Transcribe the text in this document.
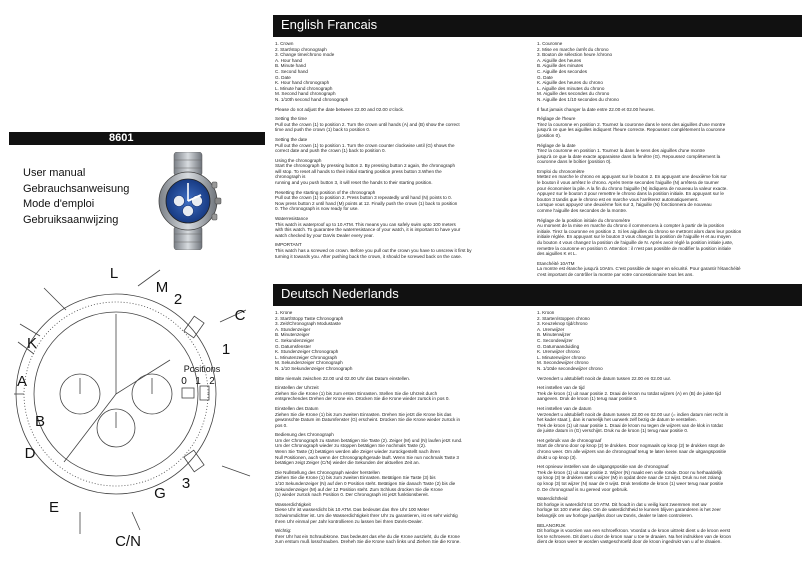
English Francais
8601
User manual
Gebrauchsanweisung
Mode d'emploi
Gebruiksaanwijzing
L
M
K
A
B
C
D
E
G
C/N
1
2
3
0 1 2
Positions
1. Crown
2. Start/stop chronograph
3. Change time/chrono mode
A. Hour hand
B. Minute hand
C. Second hand
G. Date
K. Hour hand chronograph
L. Minute hand chronograph
M. Second hand chronograph
N. 1/10th second hand chronograph
Please do not adjust the date between 22.00 and 02.00 o'clock.
Setting the time
Pull out the crown (1) to position 2. Turn the crown until hands (A) and (B) show the correct
time and push the crown (1) back to position 0.
Setting the date
Pull out the crown (1) to position 1. Turn the crown counter clockwise until (G) shows the
correct date and push the crown (1) back to position 0.
Using the chronograph
Start the chronograph by pressing button 2. By pressing button 2 again, the chronograph
will stop. To reset all hands to their initial starting position press button 3.When the
chronograph is
running and you push button 3, it will reset the hands to their starting position.
Resetting the starting position of the chronograph
Pull out the crown (1) to position 2. Press button 3 repeatedly until hand (N) points to 0.
Now press button 2 until hand (M) points at 12. Finally push the crown (1) back to position
0. The chronograph is now ready for use.
Waterresistance
This watch is waterproof up to 10 ATM. This means you can safely swim upto 100 meters
with this watch. To guarantee the waterresistance of your watch, it is important to have your
watch checked by your DaVis Dealer every year.
IMPORTANT
This watch has a screwed on crown. Before you pull out the crown you have to unscrew it first by
turning it towards you. After pushing back the crown, it should be screwed back on the case.
1. Couronne
2. Mise en marche /arrêt du chrono
3. Bouton de sélection heure /chrono
A. Aiguille des heures
B. Aiguille des minutes
C. Aiguille des secondes
G. Date
K. Aiguille des heures du chrono
L. Aiguille des minutes du chrono
M. Aiguille des secondes du chrono
N. Aiguille des 1/10 secondes du chrono
Il faut jamais changer la date entre 22.00 et 02.00 heures.
Réglage de l'heure
Tirez la couronne en position 2. Tournez la couronne dans le sens des aiguilles d'une montre
jusqu'à ce que les aiguilles indiquent l'heure correcte. Repoussez complètement la couronne
(position 0).
Réglage de la date
Tirez la couronne en position 1. Tournez la dans le sens des aiguilles d'une montre
jusqu'à ce que la date exacte apparaisse dans la fenêtre (G). Repoussez complètement la
couronne dans le boîtier (position 0).
Emploi du chronomètre
Mettez en marche le chrono en appuyant sur le bouton 2. En appuyant une deuxième fois sur
le bouton il vous arrêtez le chrono. Après trente secondes l'aiguille (N) arrêtera de tourner
pour économiser la pile. A la fin du chrono l'aiguille (N) indiquera de nouveau la valeur exacte.
Appuyez sur le bouton 3 pour remettre le chrono dans la position initiale. En appuyant sur le
bouton 3 tandis que le chrono est en marche vous l'arrêterez automatiquement.
Lorsque vous appuyez une deuxième fois sur 3, l'aiguille (N) fonctionnera de nouveau
comme l'aiguille des secondes de la montre.
Réglage de la position initiale du chronomètre
Au moment de la mise en marche du chrono il commencera à compter à partir de la position
initiale. Tirez la couronne en position 2. Si les aiguilles du chrono se mettront alors dans leur position
initiale réglée. En appuyant sur le bouton 3 vous changez la position de l'aiguille H et au moyen
du bouton 4 vous changez la position de l'aiguille de N. Après avoir réglé la position initiale juste,
remettre la couronne en position 0. Attention : il n'est pas possible de modifier la position initiale
des aiguilles K et L.
Etanchéité 10ATM
La montre est étanche jusqu'à 10Atm. C'est possible de nager en sécurité. Pour garantir l'étanchéité
c'est important de contrôler la montre par votre concessionnaire tous les ans.
Deutsch Nederlands
1. Krone
2. Start/Stopp Taste Chronograph
3. Zeit/Chronograph Modustaste
A. Stundenzeiger
B. Minutenzeiger
C. Sekundenzeiger
G. Datumsfenster
K. Stundenzeiger Chronograph
L. Minutenzeiger Chronograph
M. Sekundenzeiger Chronograph
N. 1/10 Sekundenzeiger Chronograph
Bitte niemals zwischen 22.00 und 02.00 Uhr das Datum einstellen.
Einstellen der Uhrzeit
Ziehen Sie die Krone (1) bis zum ersten Einrasten. Stellen Sie die Uhrzeit durch
entsprechendes Drehen der Krone ein. Drücken Sie die Krone wieder zurück in pos 0.
Einstellen des Datum
Ziehen Sie die Krone (1) bis zum zweiten Einrasten. Drehen Sie jetzt die Krone bis das
gewünschte Datum im Datumfenster (G) erscheint. Drücken Sie die Krone wieder zurück in
pos 0.
Bedienung des Chronograph
Um der Chronograph zu starten betätigen Sie Taste (2). Zeiger (M) und (N) laufen jetzt rund.
Um der Chronograph wieder zu stoppen betätigen Sie nochmals Taste (2).
Wenn Sie Taste (3) betätigen werden alle Zeiger wieder zurückgestellt nach ihren
Null Positionen, auch wenn der Chronographgerade läuft. Wenn Sie nun nochmals Taste 3
betätigen zeigt Zeiger (C/N) wieder die Sekunden der aktuellen Zeit an.
Die Nullstellung des Chronograph wieder herstellen
Ziehen Sie die Krone (1) bis zum zweiten Einrasten. Betätigen Sie Taste (3) bis
1/10 Sekundenzeiger (N) auf den 0 Position steht. Betätigen Sie danach Taste (2) bis die
Sekundenzeiger (M) auf der 12 Position steht. Zum Schluss drücken Sie die Krone
(1) wieder zurück nach Position 0. Der Chronograph ist jetzt funktionsbereit.
Wasserdichtigkeit
Diese Uhr ist wasserdicht bis 10 ATM. Das bedeutet das Ihre Uhr 100 Meter
Schwimmdichter ist. Um die Wasserdichtigkeit Ihrer Uhr zu garantieren, ist es sehr wichtig
Ihren Uhr einmal per Jahr kontrollieren zu lassen bei Ihren DaVis-Dealer.
Wichtig:
Ihrer Uhr hat ein Schraubkrone. Das bedeutet das ehe du die Krone auszieht, du die Krone
zum erstum muß losschrauben. Dreheh Sie die Krone nach links und Ziehen Sie die Krone.
1. Kroon
2. Starten/stoppen chrono
3. Keuzeknop tijd/chrono
A. Urenwijzer
B. Minutenwijzer
C. Secondewijzer
G. Datumaanduiding
K. Urenwijzer chrono
L. Minutenwijzer chrono
M. Secondewijzer chrono
N. 1/10de secondewijzer chrono
Verzendert u alstublieft nooit de datum tussen 22.00 en 02.00 uur.
Het instellen van de tijd
Trek de kroon (1) uit naar positie 2. Draai de kroon nu totdat wijzers (A) en (B) de juiste tijd
aangeven. Druk de kroon (1) terug naar positie 0.
Het instellen van de datum
Verzendert u alstublieft nooit de datum tussen 22.00 en 02.00 uur (= indien datum niet recht in
het kader staat ), dan is namelijk het uurwerk zelf bezig de datum te verstellen.
Trek de kroon (1) uit naar positie 1. Draai de kroon nu tegen de wijzers van de klok in totdat
de juiste datum in (G) verschijnt. Druk nu de kroon (1) terug naar positie 0.
Het gebruik van de chronograaf
Start de chrono door op knop (2) te drukken. Door nogmaals op knop (2) te drukken stopt de
chrono weer. Om alle wijzers van de chronograaf terug te laten keren naar de uitgangspositie
drukt u op knop (3).
Het opnieuw instellen van de uitgangspositie van de chronograaf
Trek de kroon (1) uit naar positie 2. Wijzer (N) maakt een volle ronde. Door nu herhaaldelijk
op knop (3) te drukken stelt u wijzer (M) in opdat deze naar de 12 wijst. Druk nu net zolang
op knop (3) tot wijzer (N) naar de 0 wijst. Druk tenslotte de kroon (1) weer terug naar positie
0. De chronograaf is nu gereed voor gebruik.
Waterdichtheid
Dit horloge is waterdicht tot 10 ATM. Dit houdt in dat u veilig kunt zwemmen met uw
horloge tot 100 meter diep. Om de waterdichtheid te kunnen blijven garanderen is het zeer
belangrijk om uw horloge jaarlijks door uw DaVis, dealer te laten controleren.
BELANGRIJK
Dit horloge is voorzien van een schroefkroon. Voordat u de kroon uittrekt dient u de kroon eerst
los te schroeven. Dit doet u door de kroon naar u toe te draaien. Na het indrukken van de kroon
dient de kroon weer te worden vastgeschroefd door de kroon ingedrukt van u af te draaien.
